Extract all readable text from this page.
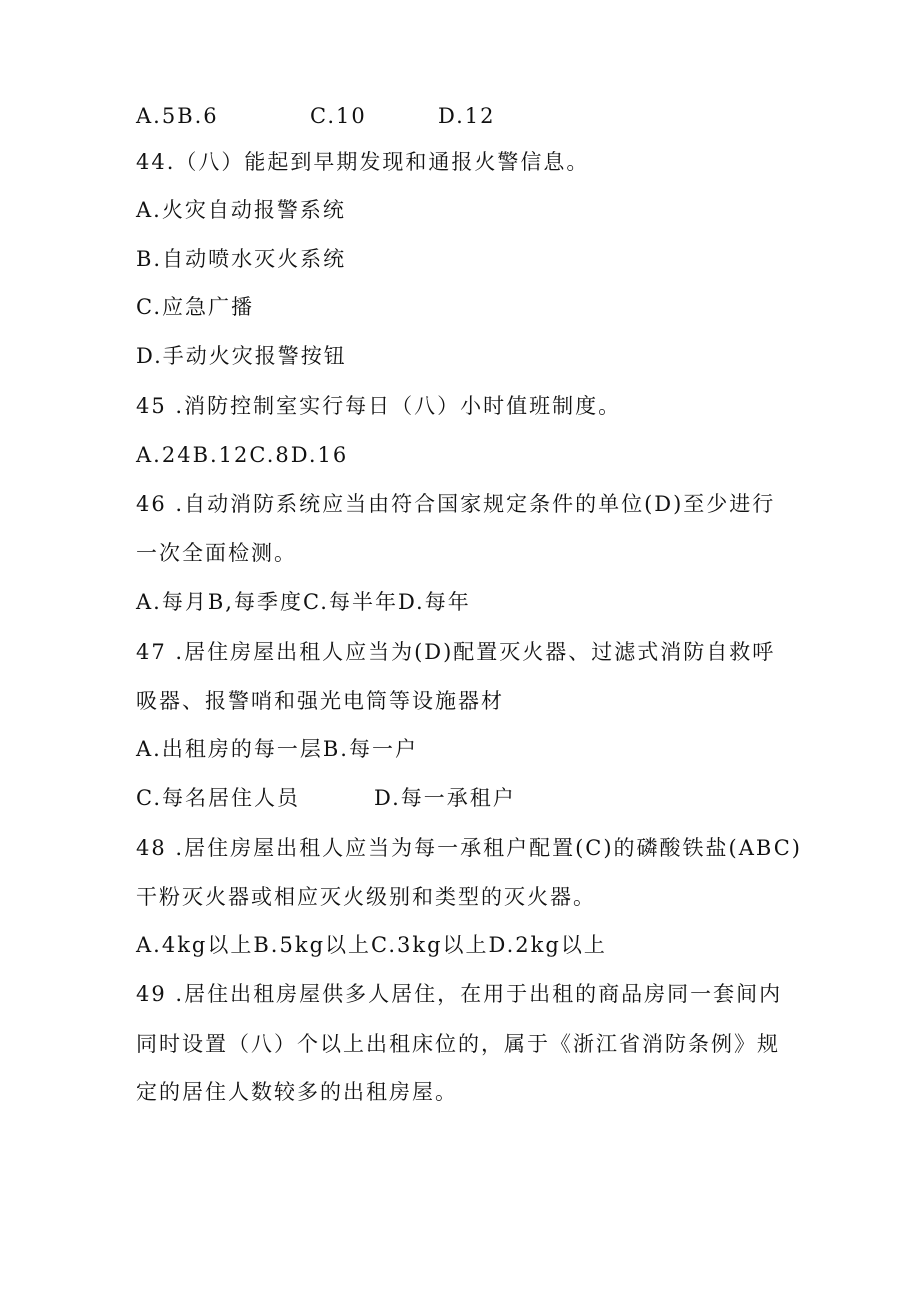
A.5B.6	C.10	D.12
44.（八）能起到早期发现和通报火警信息。
A.火灾自动报警系统
B.自动喷水灭火系统
C.应急广播
D.手动火灾报警按钮
45 .消防控制室实行每日（八）小时值班制度。
A.24B.12C.8D.16
46 .自动消防系统应当由符合国家规定条件的单位(D)至少进行
一次全面检测。
A.每月B,每季度C.每半年D.每年
47 .居住房屋出租人应当为(D)配置灭火器、过滤式消防自救呼
吸器、报警哨和强光电筒等设施器材
A.出租房的每一层B.每一户
C.每名居住人员	D.每一承租户
48 .居住房屋出租人应当为每一承租户配置(C)的磷酸铁盐(ABC)
干粉灭火器或相应灭火级别和类型的灭火器。
A.4kg以上B.5kg以上C.3kg以上D.2kg以上
49 .居住出租房屋供多人居住，在用于出租的商品房同一套间内
同时设置（八）个以上出租床位的，属于《浙江省消防条例》规
定的居住人数较多的出租房屋。
